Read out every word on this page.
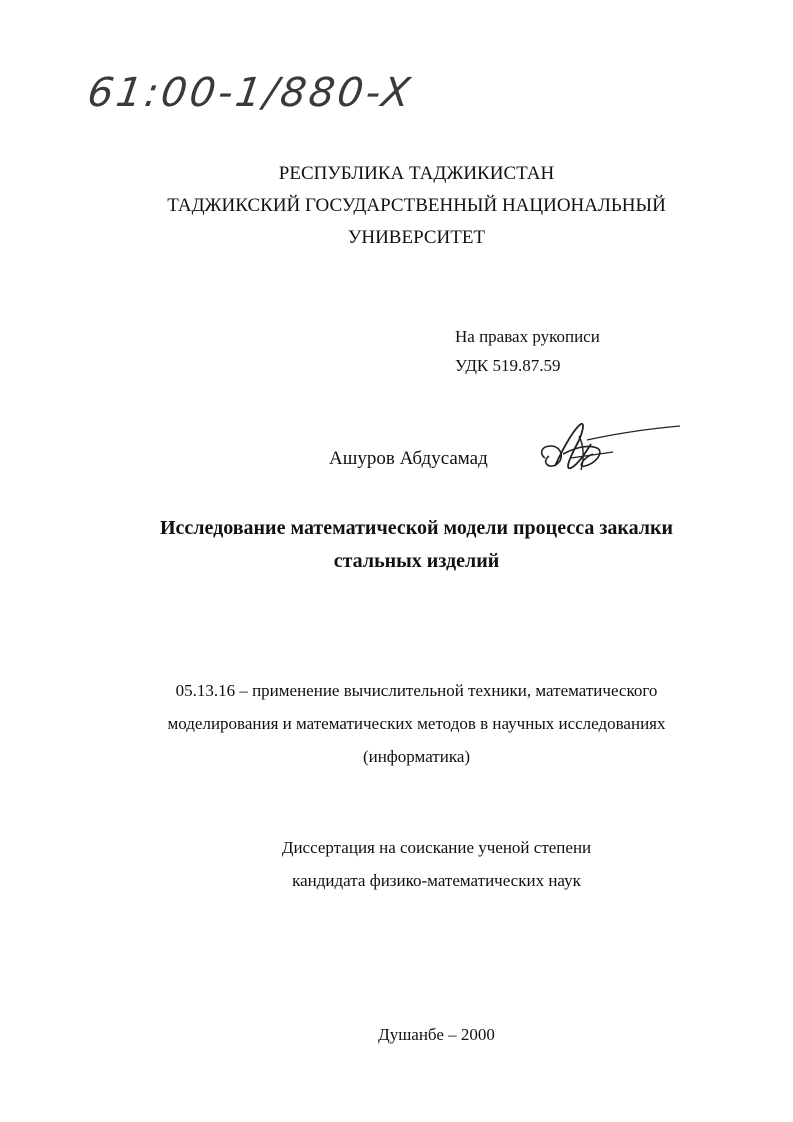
61:00-1/880-X
РЕСПУБЛИКА ТАДЖИКИСТАН
ТАДЖИКСКИЙ ГОСУДАРСТВЕННЫЙ НАЦИОНАЛЬНЫЙ
УНИВЕРСИТЕТ
На правах рукописи
УДК 519.87.59
Ашуров Абдусамад
Исследование математической модели процесса закалки
стальных изделий
05.13.16 – применение вычислительной техники, математического
моделирования и математических методов в научных исследованиях
(информатика)
Диссертация на соискание ученой степени
кандидата физико-математических наук
Душанбе – 2000
